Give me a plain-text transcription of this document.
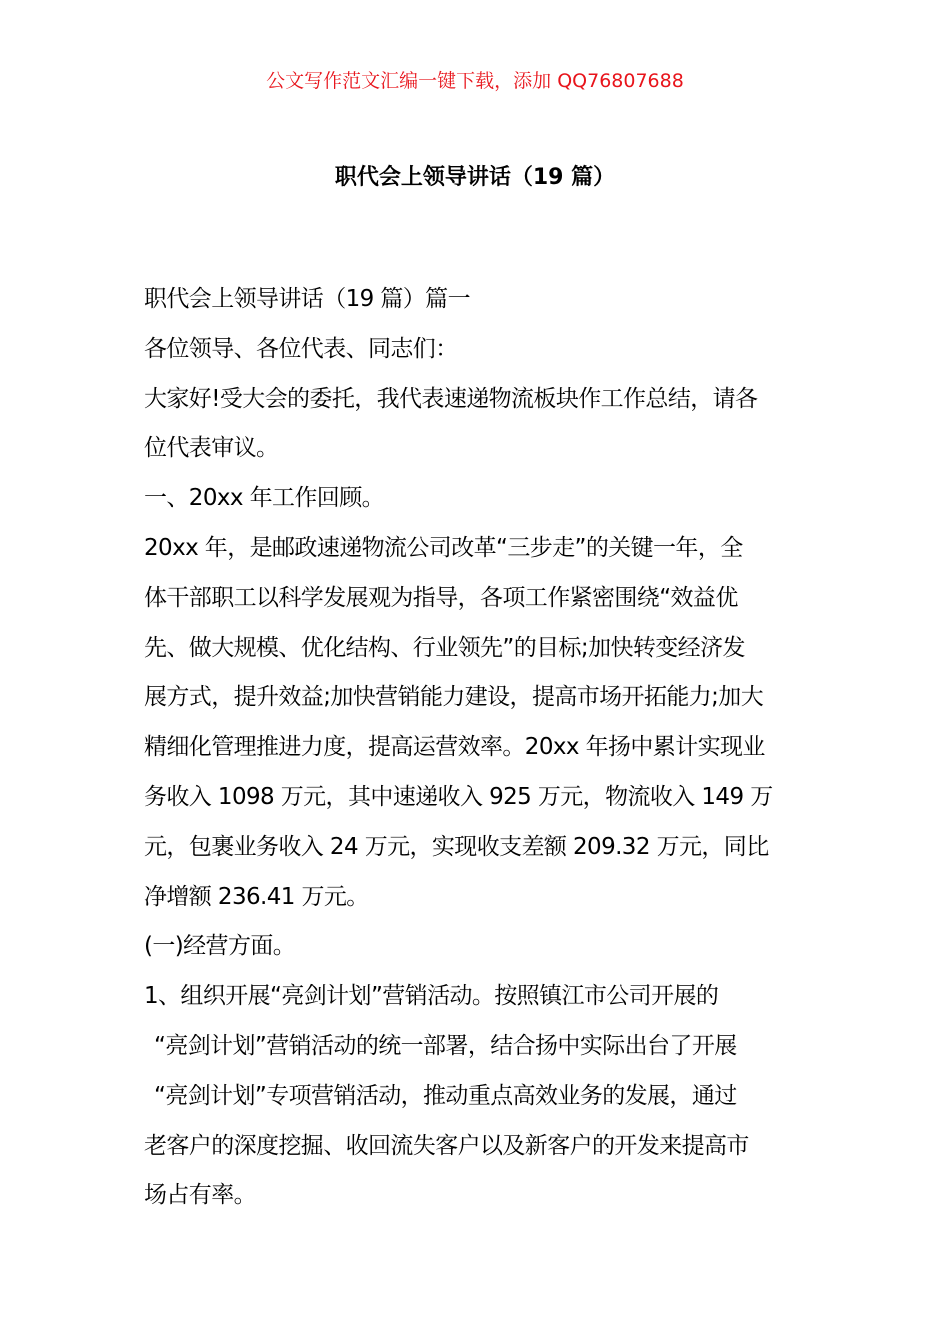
公文写作范文汇编一键下载，添加 QQ76807688
职代会上领导讲话（19 篇）
职代会上领导讲话（19 篇）篇一
各位领导、各位代表、同志们：
大家好!受大会的委托，我代表速递物流板块作工作总结，请各
位代表审议。
一、20xx 年工作回顾。
20xx 年，是邮政速递物流公司改革“三步走”的关键一年，全
体干部职工以科学发展观为指导，各项工作紧密围绕“效益优
先、做大规模、优化结构、行业领先”的目标;加快转变经济发
展方式，提升效益;加快营销能力建设，提高市场开拓能力;加大
精细化管理推进力度，提高运营效率。20xx 年扬中累计实现业
务收入 1098 万元，其中速递收入 925 万元，物流收入 149 万
元，包裹业务收入 24 万元，实现收支差额 209.32 万元，同比
净增额 236.41 万元。
(一)经营方面。
1、组织开展“亮剑计划”营销活动。按照镇江市公司开展的
“亮剑计划”营销活动的统一部署，结合扬中实际出台了开展
“亮剑计划”专项营销活动，推动重点高效业务的发展，通过
老客户的深度挖掘、收回流失客户以及新客户的开发来提高市
场占有率。
